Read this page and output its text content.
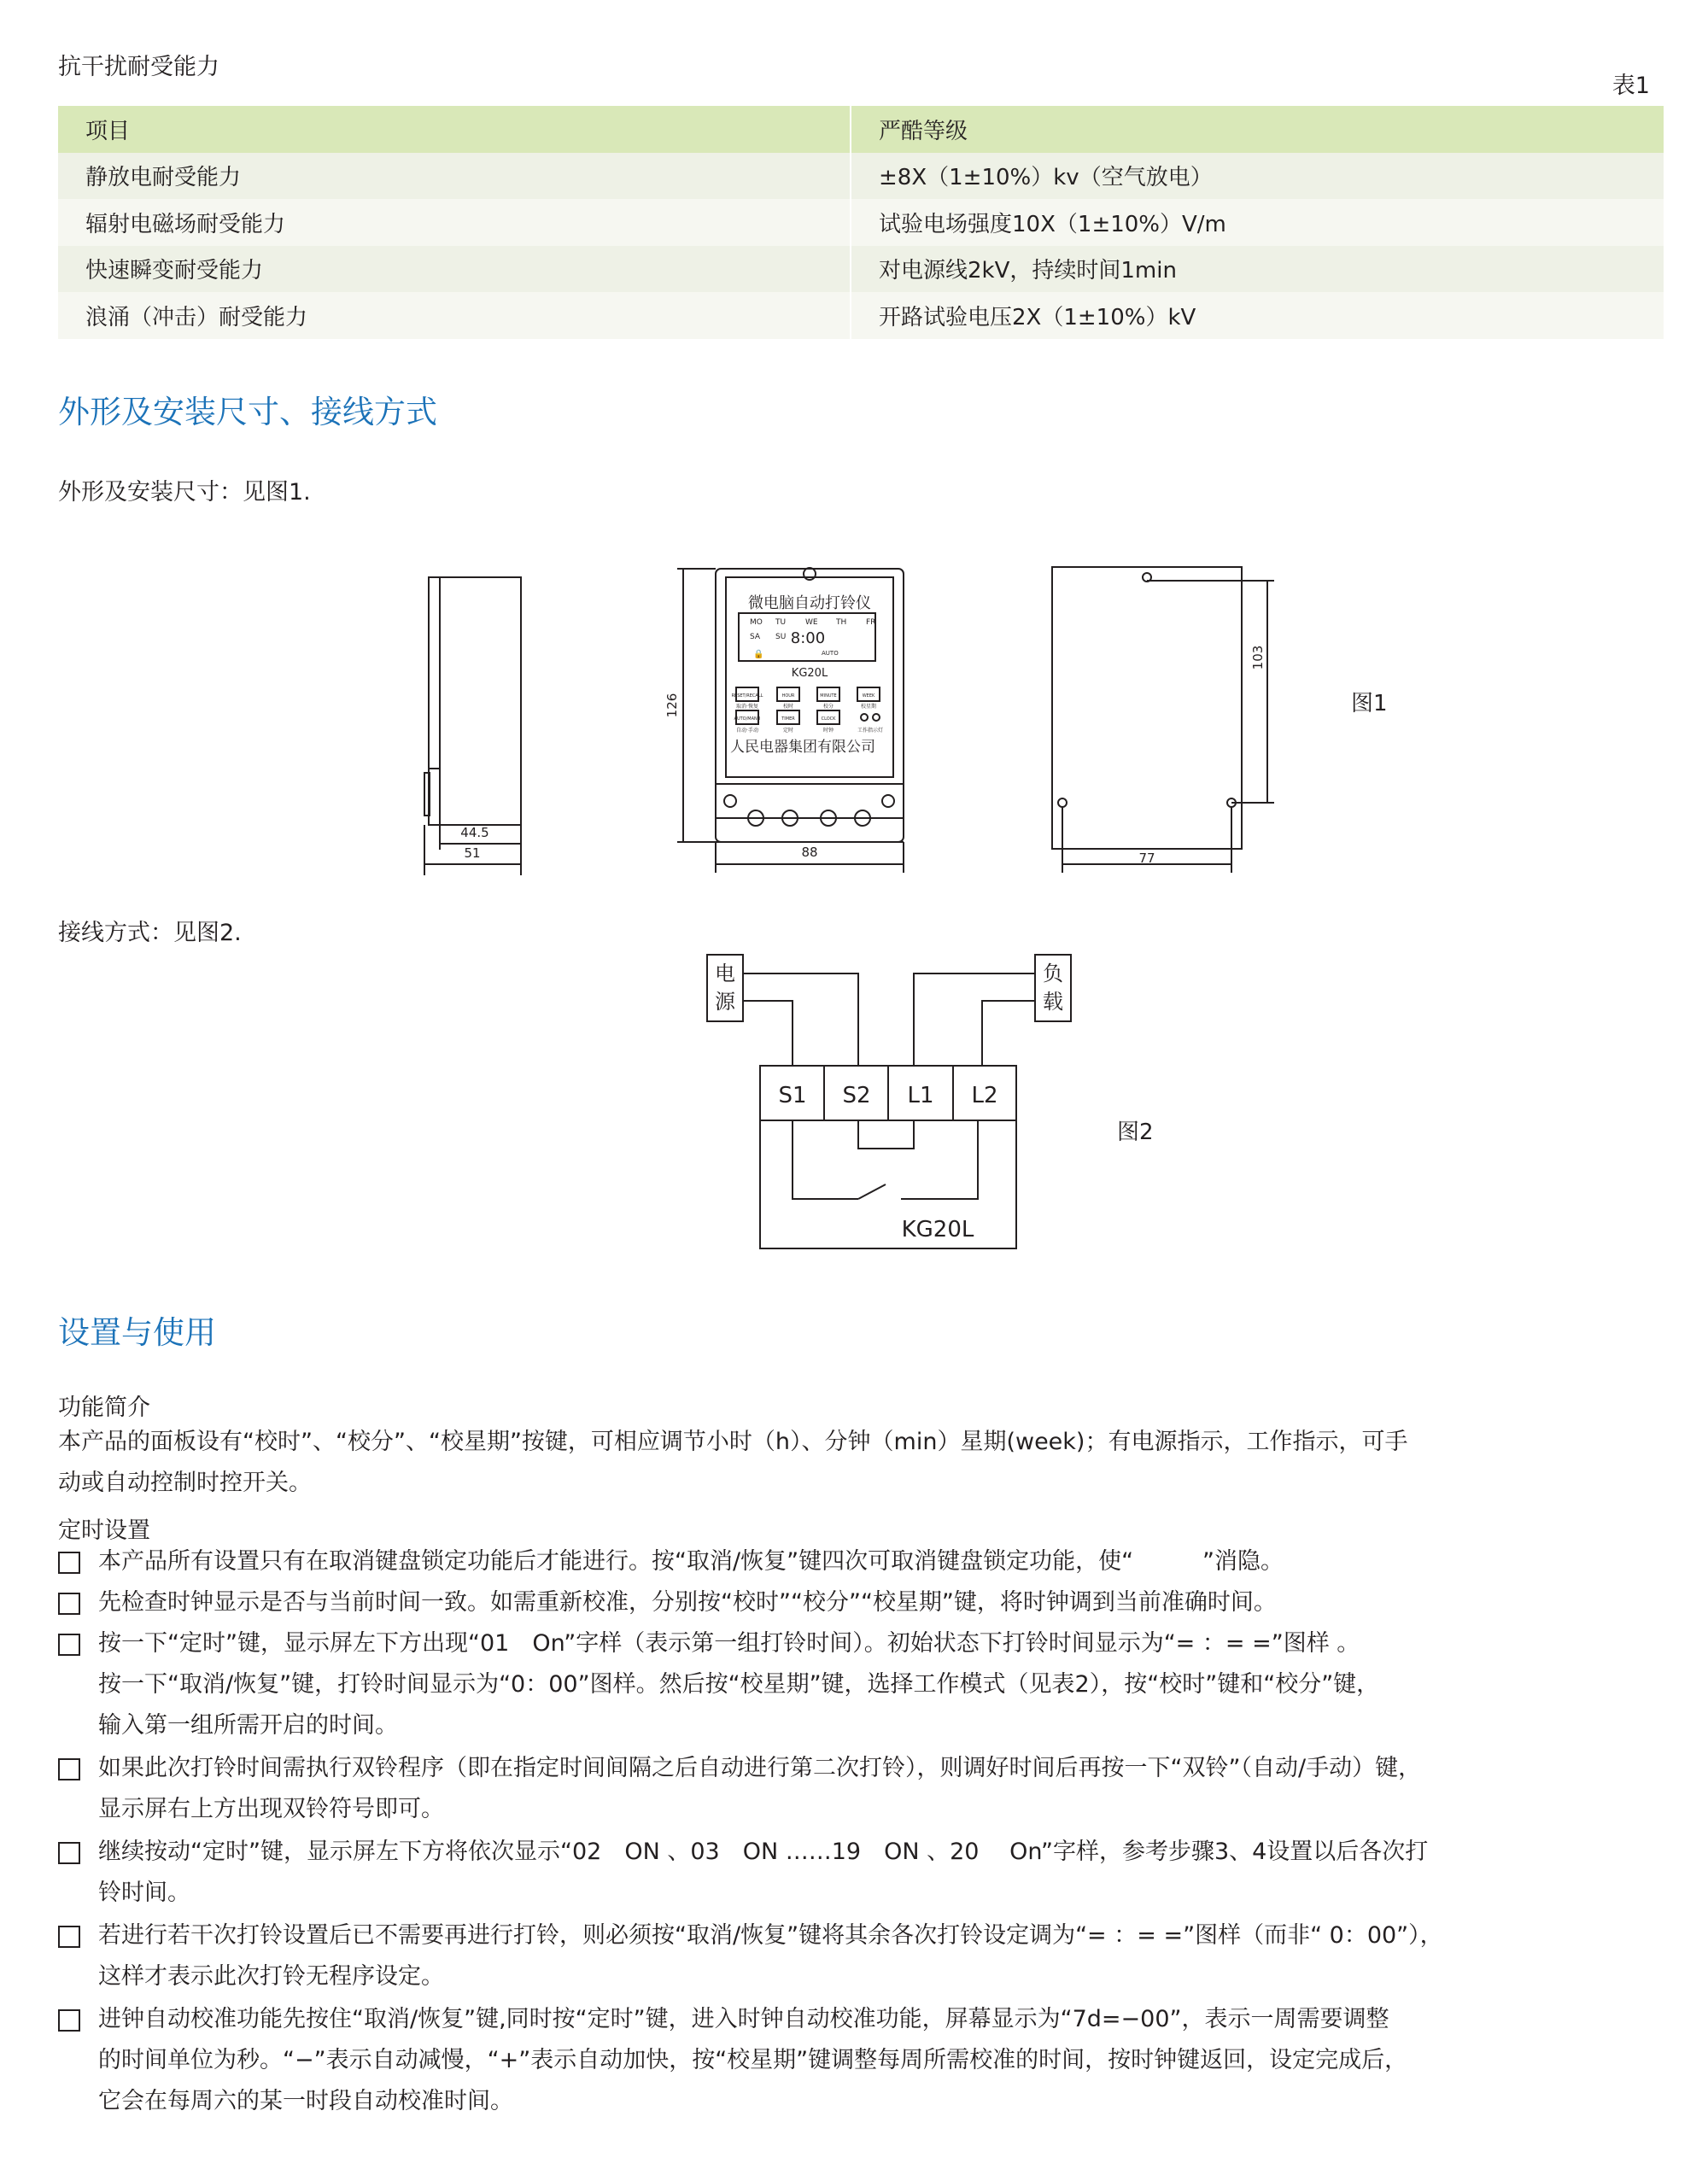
抗干扰耐受能力
表1
项目	严酷等级
静放电耐受能力	±8X（1±10%）kv（空气放电）
辐射电磁场耐受能力	试验电场强度10X（1±10%）V/m
快速瞬变耐受能力	对电源线2kV，持续时间1min
浪涌（冲击）耐受能力	开路试验电压2X（1±10%）kV
外形及安装尺寸、接线方式
外形及安装尺寸：见图1.
44.5
51
126
88
103
77
微电脑自动打铃仪
MO TU	WE TH	FR
SA SU 8:00
AUTO
🔒
KG20L
RESET/RECALL	HOUR	MINUTE	WEEK
取消·恢复	校时	校分	校星期
AUTO/MANU	TIMER	CLOCK
自动·手动	定时	时钟	工作指示灯
人民电器集团有限公司
图1
接线方式：见图2.
电
源
负
载
S1 S2 L1 L2
KG20L
图2
设置与使用
功能简介
本产品的面板设有“校时”、“校分”、“校星期”按键，可相应调节小时（h）、分钟（min）星期(week)；有电源指示，工作指示，可手
动或自动控制时控开关。
定时设置
本产品所有设置只有在取消键盘锁定功能后才能进行。按“取消/恢复”键四次可取消键盘锁定功能，使“　　　”消隐。
先检查时钟显示是否与当前时间一致。如需重新校准，分别按“校时”“校分”“校星期”键，将时钟调到当前准确时间。
按一下“定时”键，显示屏左下方出现“01　On”字样（表示第一组打铃时间）。初始状态下打铃时间显示为“= ：= =”图样 。
按一下“取消/恢复”键，打铃时间显示为“0：00”图样。然后按“校星期”键，选择工作模式（见表2），按“校时”键和“校分”键，
输入第一组所需开启的时间。
如果此次打铃时间需执行双铃程序（即在指定时间间隔之后自动进行第二次打铃），则调好时间后再按一下“双铃”（自动/手动）键，
显示屏右上方出现双铃符号即可。
继续按动“定时”键，显示屏左下方将依次显示“02　ON 、03　ON ……19　ON 、20　 On”字样，参考步骤3、4设置以后各次打
铃时间。
若进行若干次打铃设置后已不需要再进行打铃，则必须按“取消/恢复”键将其余各次打铃设定调为“= ：= =”图样（而非“ 0：00”），
这样才表示此次打铃无程序设定。
进钟自动校准功能先按住“取消/恢复”键,同时按“定时”键，进入时钟自动校准功能，屏幕显示为“7d=−00”，表示一周需要调整
的时间单位为秒。“−”表示自动减慢，“+”表示自动加快，按“校星期”键调整每周所需校准的时间，按时钟键返回，设定完成后，
它会在每周六的某一时段自动校准时间。
